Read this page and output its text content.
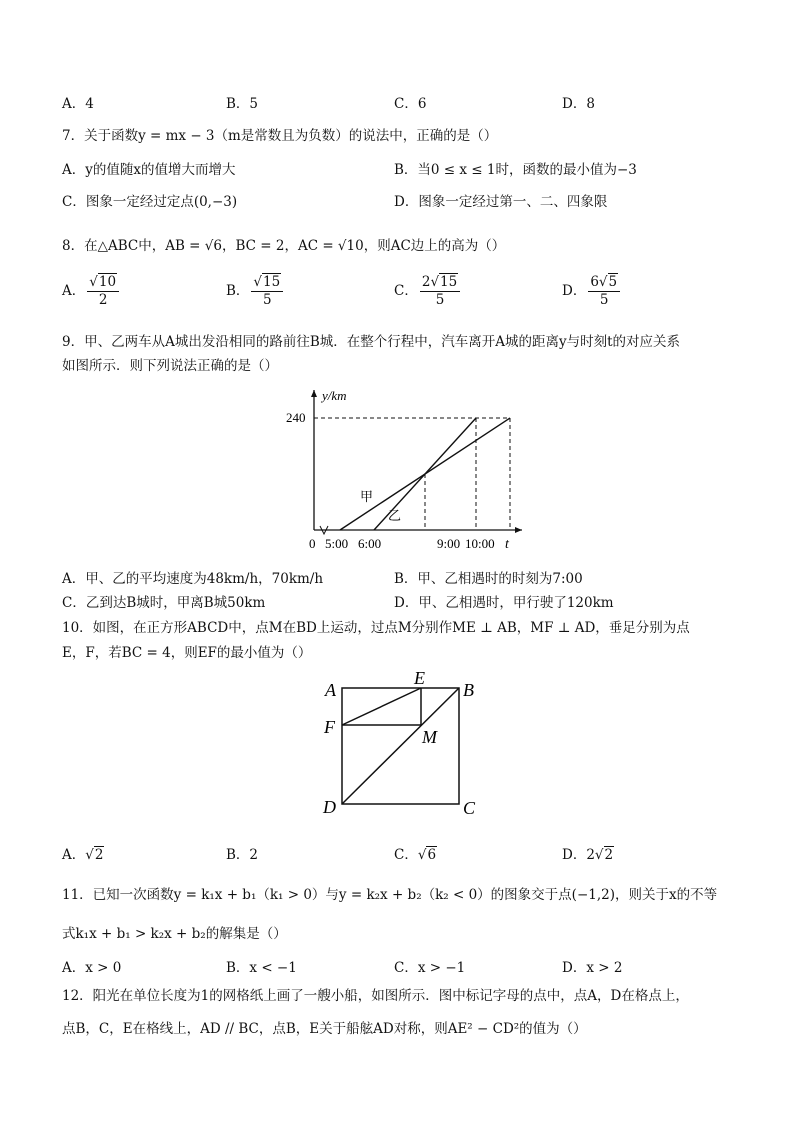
A．4	B．5	C．6	D．8
7．关于函数y = mx − 3（m是常数且为负数）的说法中，正确的是（）
A．y的值随x的值增大而增大	B．当0 ≤ x ≤ 1时，函数的最小值为−3
C．图象一定经过定点(0,−3)	D．图象一定经过第一、二、四象限
8．在△ABC中，AB = √6，BC = 2，AC = √10，则AC边上的高为（）
A． $\frac{√10}{2}$	B． $\frac{√15}{5}$	C． $\frac{2√15}{5}$	D． $\frac{6√5}{5}$
9．甲、乙两车从A城出发沿相同的路前往B城．在整个行程中，汽车离开A城的距离y与时刻t的对应关系
如图所示．则下列说法正确的是（）
y/km
t
0
240
5:00 6:00	9:00 10:00
甲
乙
A．甲、乙的平均速度为48km/h，70km/h	B．甲、乙相遇时的时刻为7:00
C．乙到达B城时，甲离B城50km	D．甲、乙相遇时，甲行驶了120km
10．如图，在正方形ABCD中，点M在BD上运动，过点M分别作ME ⊥ AB，MF ⊥ AD，垂足分别为点
E，F，若BC = 4，则EF的最小值为（）
A
E
B
F	M
D	C
A．√2	B．2	C．√6	D．2√2
11．已知一次函数y = k₁x + b₁（k₁ > 0）与y = k₂x + b₂（k₂ < 0）的图象交于点(−1,2)，则关于x的不等
式k₁x + b₁ > k₂x + b₂的解集是（）
A．x > 0	B．x < −1	C．x > −1	D．x > 2
12．阳光在单位长度为1的网格纸上画了一艘小船，如图所示．图中标记字母的点中，点A，D在格点上，
点B，C，E在格线上，AD // BC，点B，E关于船舷AD对称，则AE² − CD²的值为（）
